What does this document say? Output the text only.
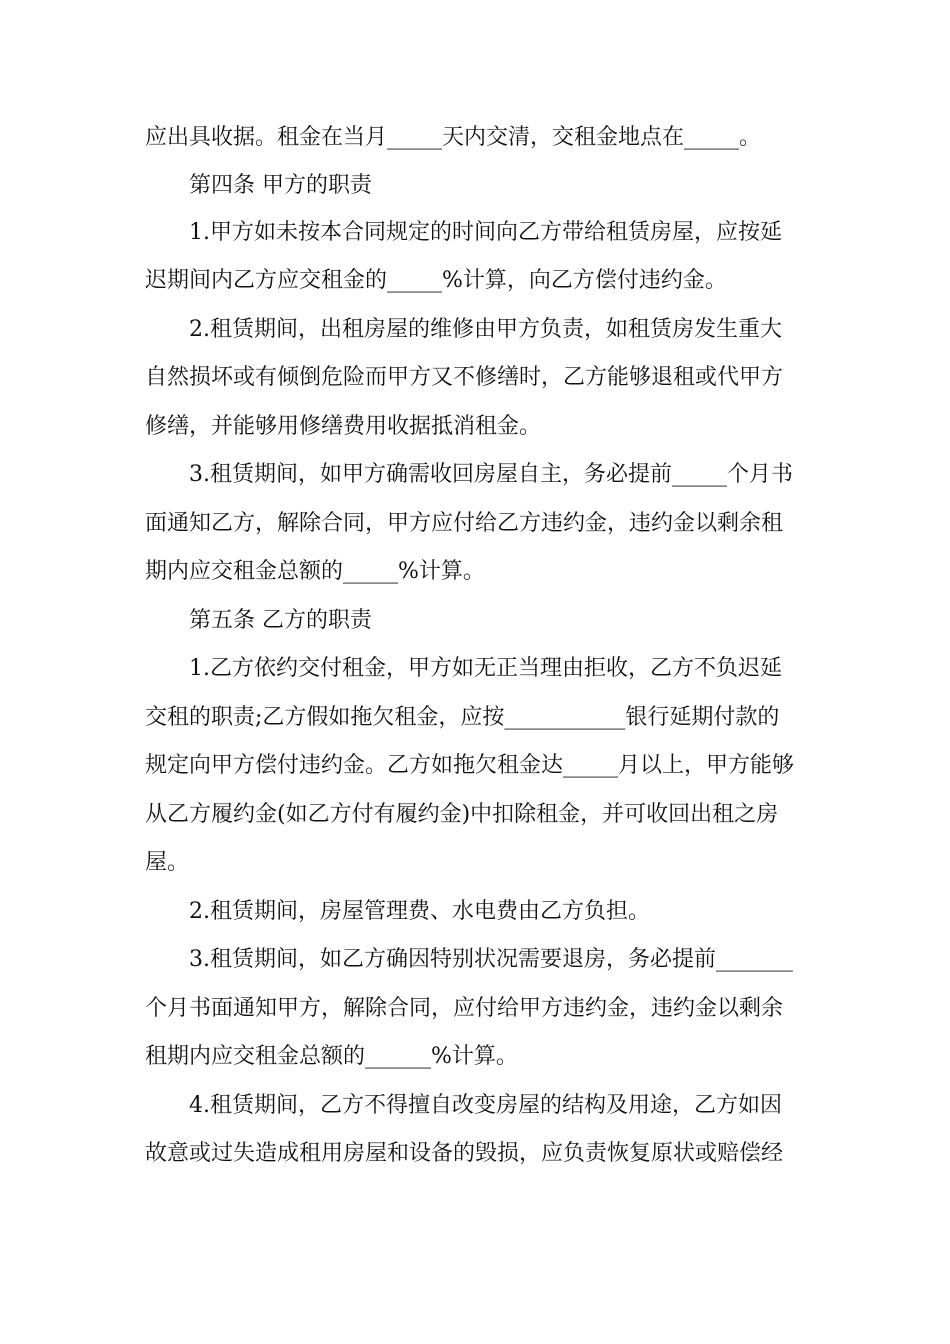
应出具收据。租金在当月_____天内交清，交租金地点在_____。
第四条 甲方的职责
1.甲方如未按本合同规定的时间向乙方带给租赁房屋，应按延
迟期间内乙方应交租金的_____%计算，向乙方偿付违约金。
2.租赁期间，出租房屋的维修由甲方负责，如租赁房发生重大
自然损坏或有倾倒危险而甲方又不修缮时，乙方能够退租或代甲方
修缮，并能够用修缮费用收据抵消租金。
3.租赁期间，如甲方确需收回房屋自主，务必提前_____个月书
面通知乙方，解除合同，甲方应付给乙方违约金，违约金以剩余租
期内应交租金总额的_____%计算。
第五条 乙方的职责
1.乙方依约交付租金，甲方如无正当理由拒收，乙方不负迟延
交租的职责;乙方假如拖欠租金，应按___________银行延期付款的
规定向甲方偿付违约金。乙方如拖欠租金达_____月以上，甲方能够
从乙方履约金(如乙方付有履约金)中扣除租金，并可收回出租之房
屋。
2.租赁期间，房屋管理费、水电费由乙方负担。
3.租赁期间，如乙方确因特别状况需要退房，务必提前_______
个月书面通知甲方，解除合同，应付给甲方违约金，违约金以剩余
租期内应交租金总额的______%计算。
4.租赁期间，乙方不得擅自改变房屋的结构及用途，乙方如因
故意或过失造成租用房屋和设备的毁损，应负责恢复原状或赔偿经
